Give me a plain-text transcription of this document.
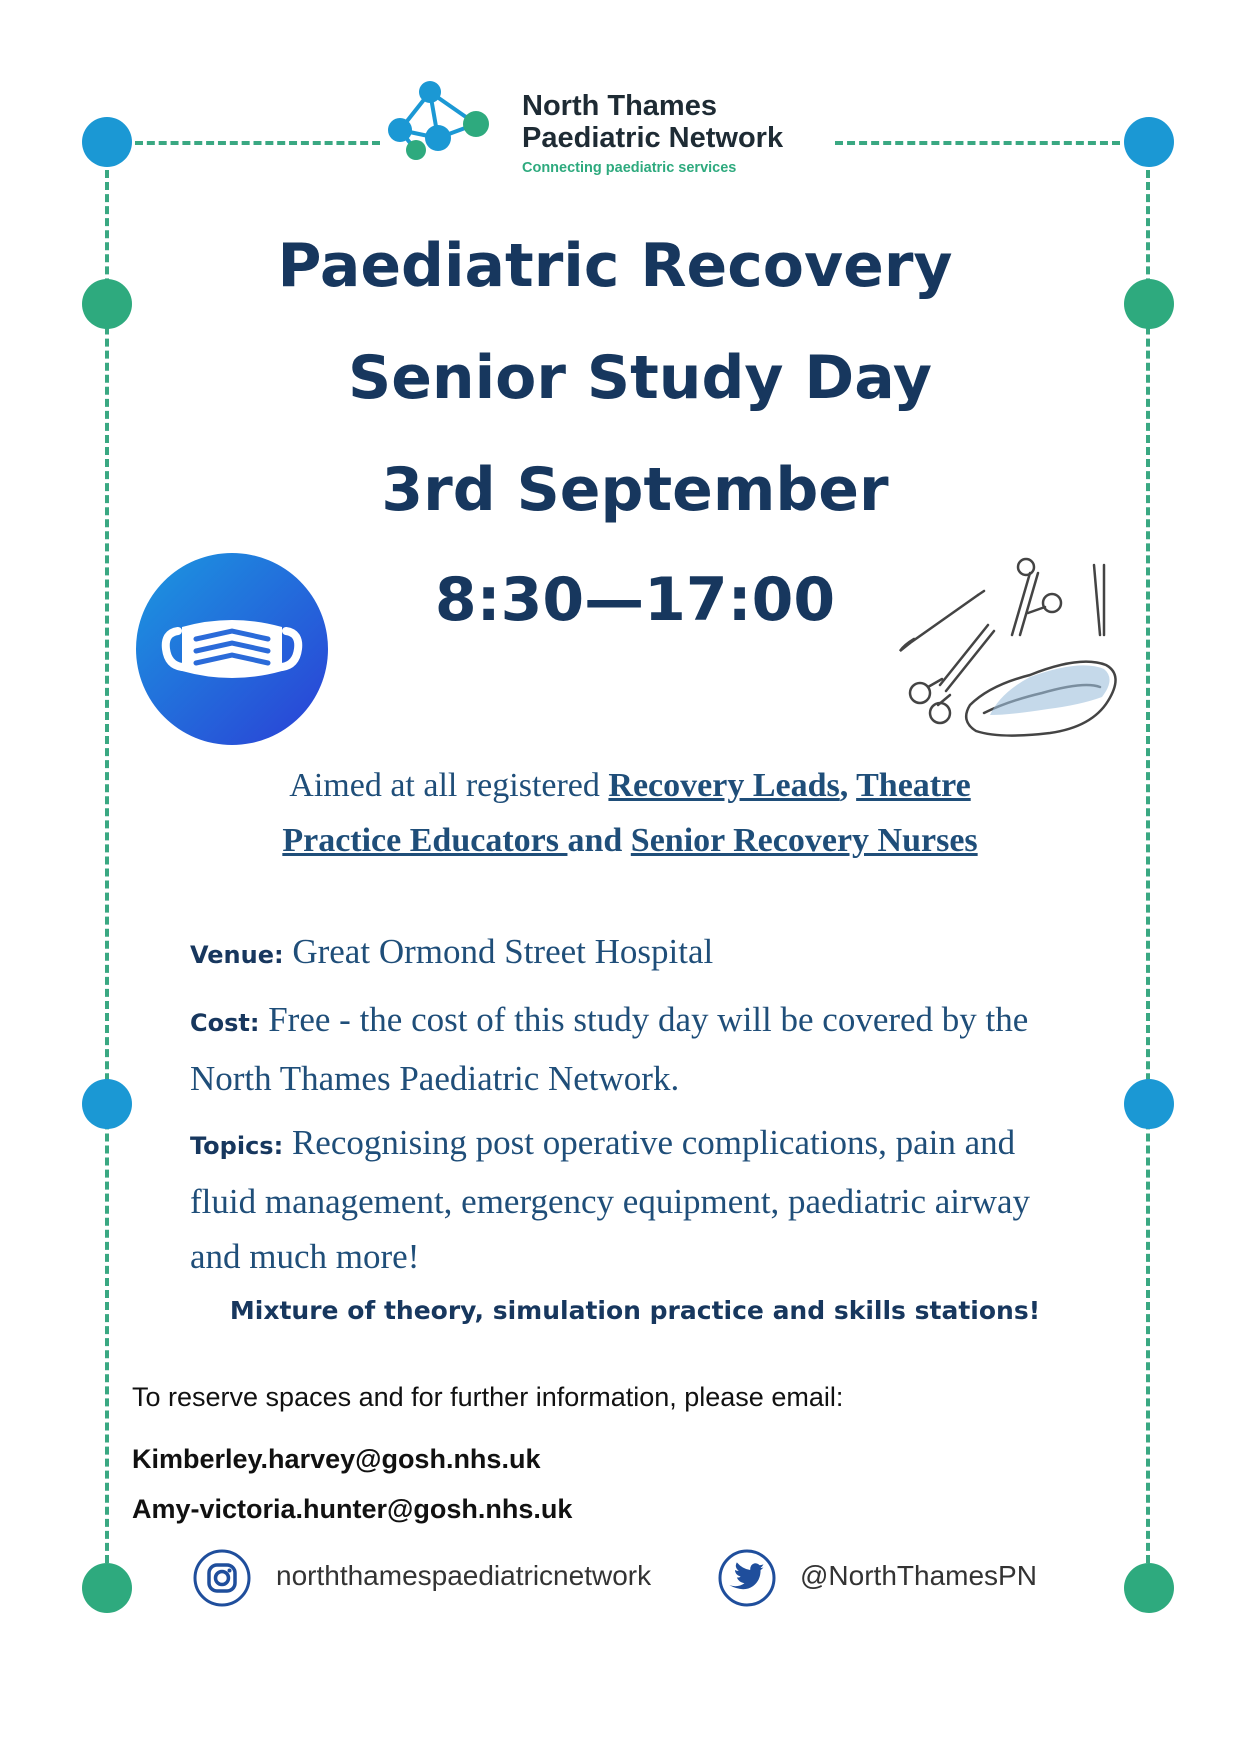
North Thames
Paediatric Network
Connecting paediatric services
Paediatric Recovery
Senior Study Day
3rd September
8:30—17:00
Aimed at all registered Recovery Leads, Theatre
Practice Educators and Senior Recovery Nurses
Venue: Great Ormond Street Hospital
Cost: Free - the cost of this study day will be covered by the North Thames Paediatric Network.
Topics: Recognising post operative complications, pain and fluid management, emergency equipment, paediatric airway and much more!
Mixture of theory, simulation practice and skills stations!
To reserve spaces and for further information, please email:
Kimberley.harvey@gosh.nhs.uk
Amy-victoria.hunter@gosh.nhs.uk
norththamespaediatricnetwork	@NorthThamesPN
